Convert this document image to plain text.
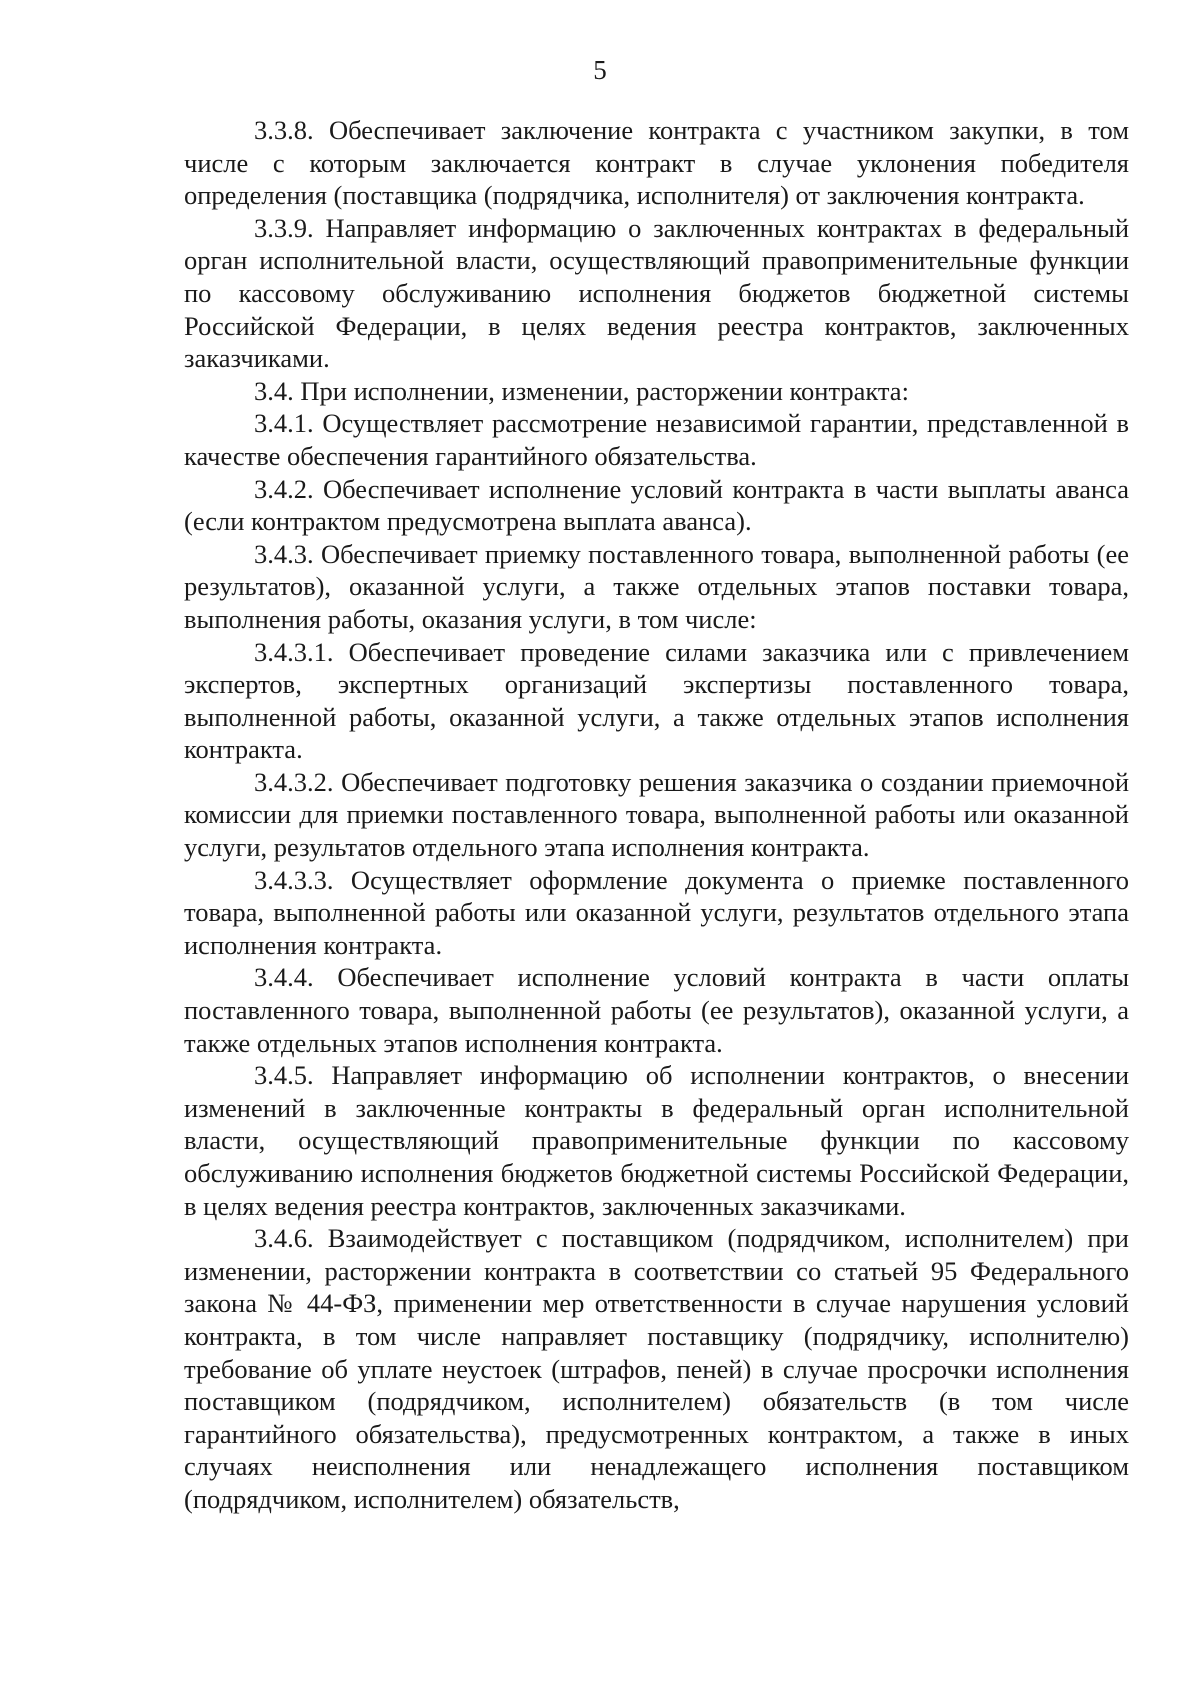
5

3.3.8. Обеспечивает заключение контракта с участником закупки, в том числе с которым заключается контракт в случае уклонения победителя определения (поставщика (подрядчика, исполнителя) от заключения контракта.

3.3.9. Направляет информацию о заключенных контрактах в федеральный орган исполнительной власти, осуществляющий правоприменительные функции по кассовому обслуживанию исполнения бюджетов бюджетной системы Российской Федерации, в целях ведения реестра контрактов, заключенных заказчиками.

3.4. При исполнении, изменении, расторжении контракта:

3.4.1. Осуществляет рассмотрение независимой гарантии, представленной в качестве обеспечения гарантийного обязательства.

3.4.2. Обеспечивает исполнение условий контракта в части выплаты аванса (если контрактом предусмотрена выплата аванса).

3.4.3. Обеспечивает приемку поставленного товара, выполненной работы (ее результатов), оказанной услуги, а также отдельных этапов поставки товара, выполнения работы, оказания услуги, в том числе:

3.4.3.1. Обеспечивает проведение силами заказчика или с привлечением экспертов, экспертных организаций экспертизы поставленного товара, выполненной работы, оказанной услуги, а также отдельных этапов исполнения контракта.

3.4.3.2. Обеспечивает подготовку решения заказчика о создании приемочной комиссии для приемки поставленного товара, выполненной работы или оказанной услуги, результатов отдельного этапа исполнения контракта.

3.4.3.3. Осуществляет оформление документа о приемке поставленного товара, выполненной работы или оказанной услуги, результатов отдельного этапа исполнения контракта.

3.4.4. Обеспечивает исполнение условий контракта в части оплаты поставленного товара, выполненной работы (ее результатов), оказанной услуги, а также отдельных этапов исполнения контракта.

3.4.5. Направляет информацию об исполнении контрактов, о внесении изменений в заключенные контракты в федеральный орган исполнительной власти, осуществляющий правоприменительные функции по кассовому обслуживанию исполнения бюджетов бюджетной системы Российской Федерации, в целях ведения реестра контрактов, заключенных заказчиками.

3.4.6. Взаимодействует с поставщиком (подрядчиком, исполнителем) при изменении, расторжении контракта в соответствии со статьей 95 Федерального закона № 44-ФЗ, применении мер ответственности в случае нарушения условий контракта, в том числе направляет поставщику (подрядчику, исполнителю) требование об уплате неустоек (штрафов, пеней) в случае просрочки исполнения поставщиком (подрядчиком, исполнителем) обязательств (в том числе гарантийного обязательства), предусмотренных контрактом, а также в иных случаях неисполнения или ненадлежащего исполнения поставщиком (подрядчиком, исполнителем) обязательств,
